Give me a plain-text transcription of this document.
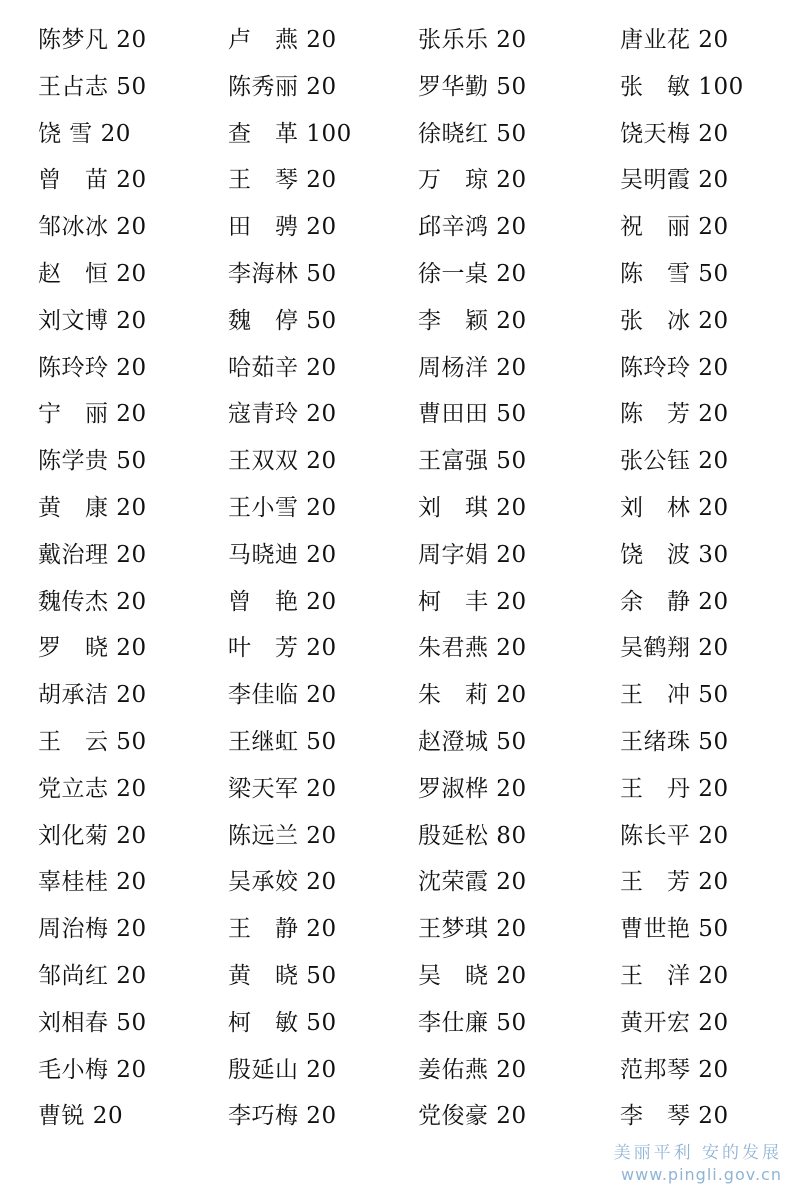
陈梦凡 20	卢　燕 20	张乐乐 20	唐业花 20
王占志 50	陈秀丽 20	罗华勤 50	张　敏 100
饶 雪 20	查　革 100	徐晓红 50	饶天梅 20
曾　苗 20	王　琴 20	万　琼 20	吴明霞 20
邹冰冰 20	田　骋 20	邱辛鸿 20	祝　丽 20
赵　恒 20	李海林 50	徐一桌 20	陈　雪 50
刘文博 20	魏　停 50	李　颖 20	张　冰 20
陈玲玲 20	哈茹辛 20	周杨洋 20	陈玲玲 20
宁　丽 20	寇青玲 20	曹田田 50	陈　芳 20
陈学贵 50	王双双 20	王富强 50	张公钰 20
黄　康 20	王小雪 20	刘　琪 20	刘　林 20
戴治理 20	马晓迪 20	周字娟 20	饶　波 30
魏传杰 20	曾　艳 20	柯　丰 20	余　静 20
罗　晓 20	叶　芳 20	朱君燕 20	吴鹤翔 20
胡承洁 20	李佳临 20	朱　莉 20	王　冲 50
王　云 50	王继虹 50	赵澄城 50	王绪珠 50
党立志 20	梁天军 20	罗淑桦 20	王　丹 20
刘化菊 20	陈远兰 20	殷延松 80	陈长平 20
辜桂桂 20	吴承姣 20	沈荣霞 20	王　芳 20
周治梅 20	王　静 20	王梦琪 20	曹世艳 50
邹尚红 20	黄　晓 50	吴　晓 20	王　洋 20
刘相春 50	柯　敏 50	李仕廉 50	黄开宏 20
毛小梅 20	殷延山 20	姜佑燕 20	范邦琴 20
曹锐 20	李巧梅 20	党俊豪 20	李　琴 20
美丽平利 安的发展
www.pingli.gov.cn
